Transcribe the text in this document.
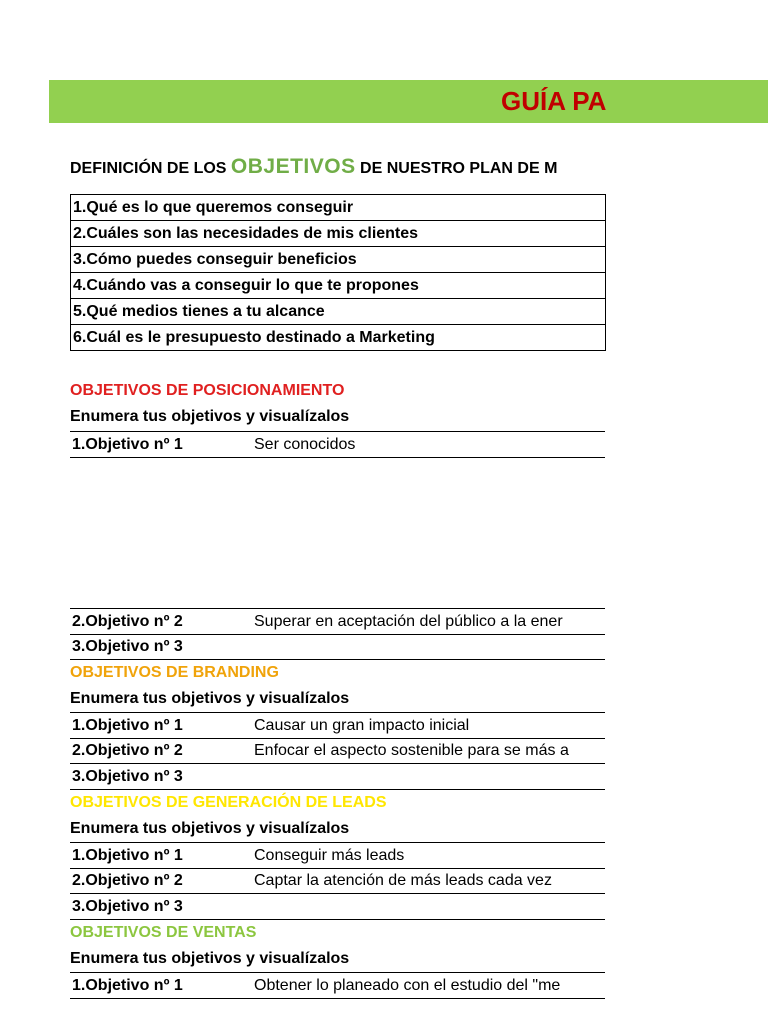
GUÍA PA
DEFINICIÓN DE LOS OBJETIVOS DE NUESTRO PLAN DE M
1.Qué es lo que queremos conseguir
2.Cuáles son las necesidades de mis clientes
3.Cómo puedes conseguir beneficios
4.Cuándo vas a conseguir lo que te propones
5.Qué medios tienes a tu alcance
6.Cuál es le presupuesto destinado a Marketing
OBJETIVOS DE POSICIONAMIENTO
Enumera tus objetivos y visualízalos
1.Objetivo nº 1	Ser conocidos
2.Objetivo nº 2	Superar en aceptación del público a la ener
3.Objetivo nº 3
OBJETIVOS DE BRANDING
Enumera tus objetivos y visualízalos
1.Objetivo nº 1	Causar un gran impacto inicial
2.Objetivo nº 2	Enfocar el aspecto sostenible para se más a
3.Objetivo nº 3
OBJETIVOS DE GENERACIÓN DE LEADS
Enumera tus objetivos y visualízalos
1.Objetivo nº 1	Conseguir más leads
2.Objetivo nº 2	Captar la atención de más leads cada vez
3.Objetivo nº 3
OBJETIVOS DE VENTAS
Enumera tus objetivos y visualízalos
1.Objetivo nº 1	Obtener lo planeado con el estudio del "me
